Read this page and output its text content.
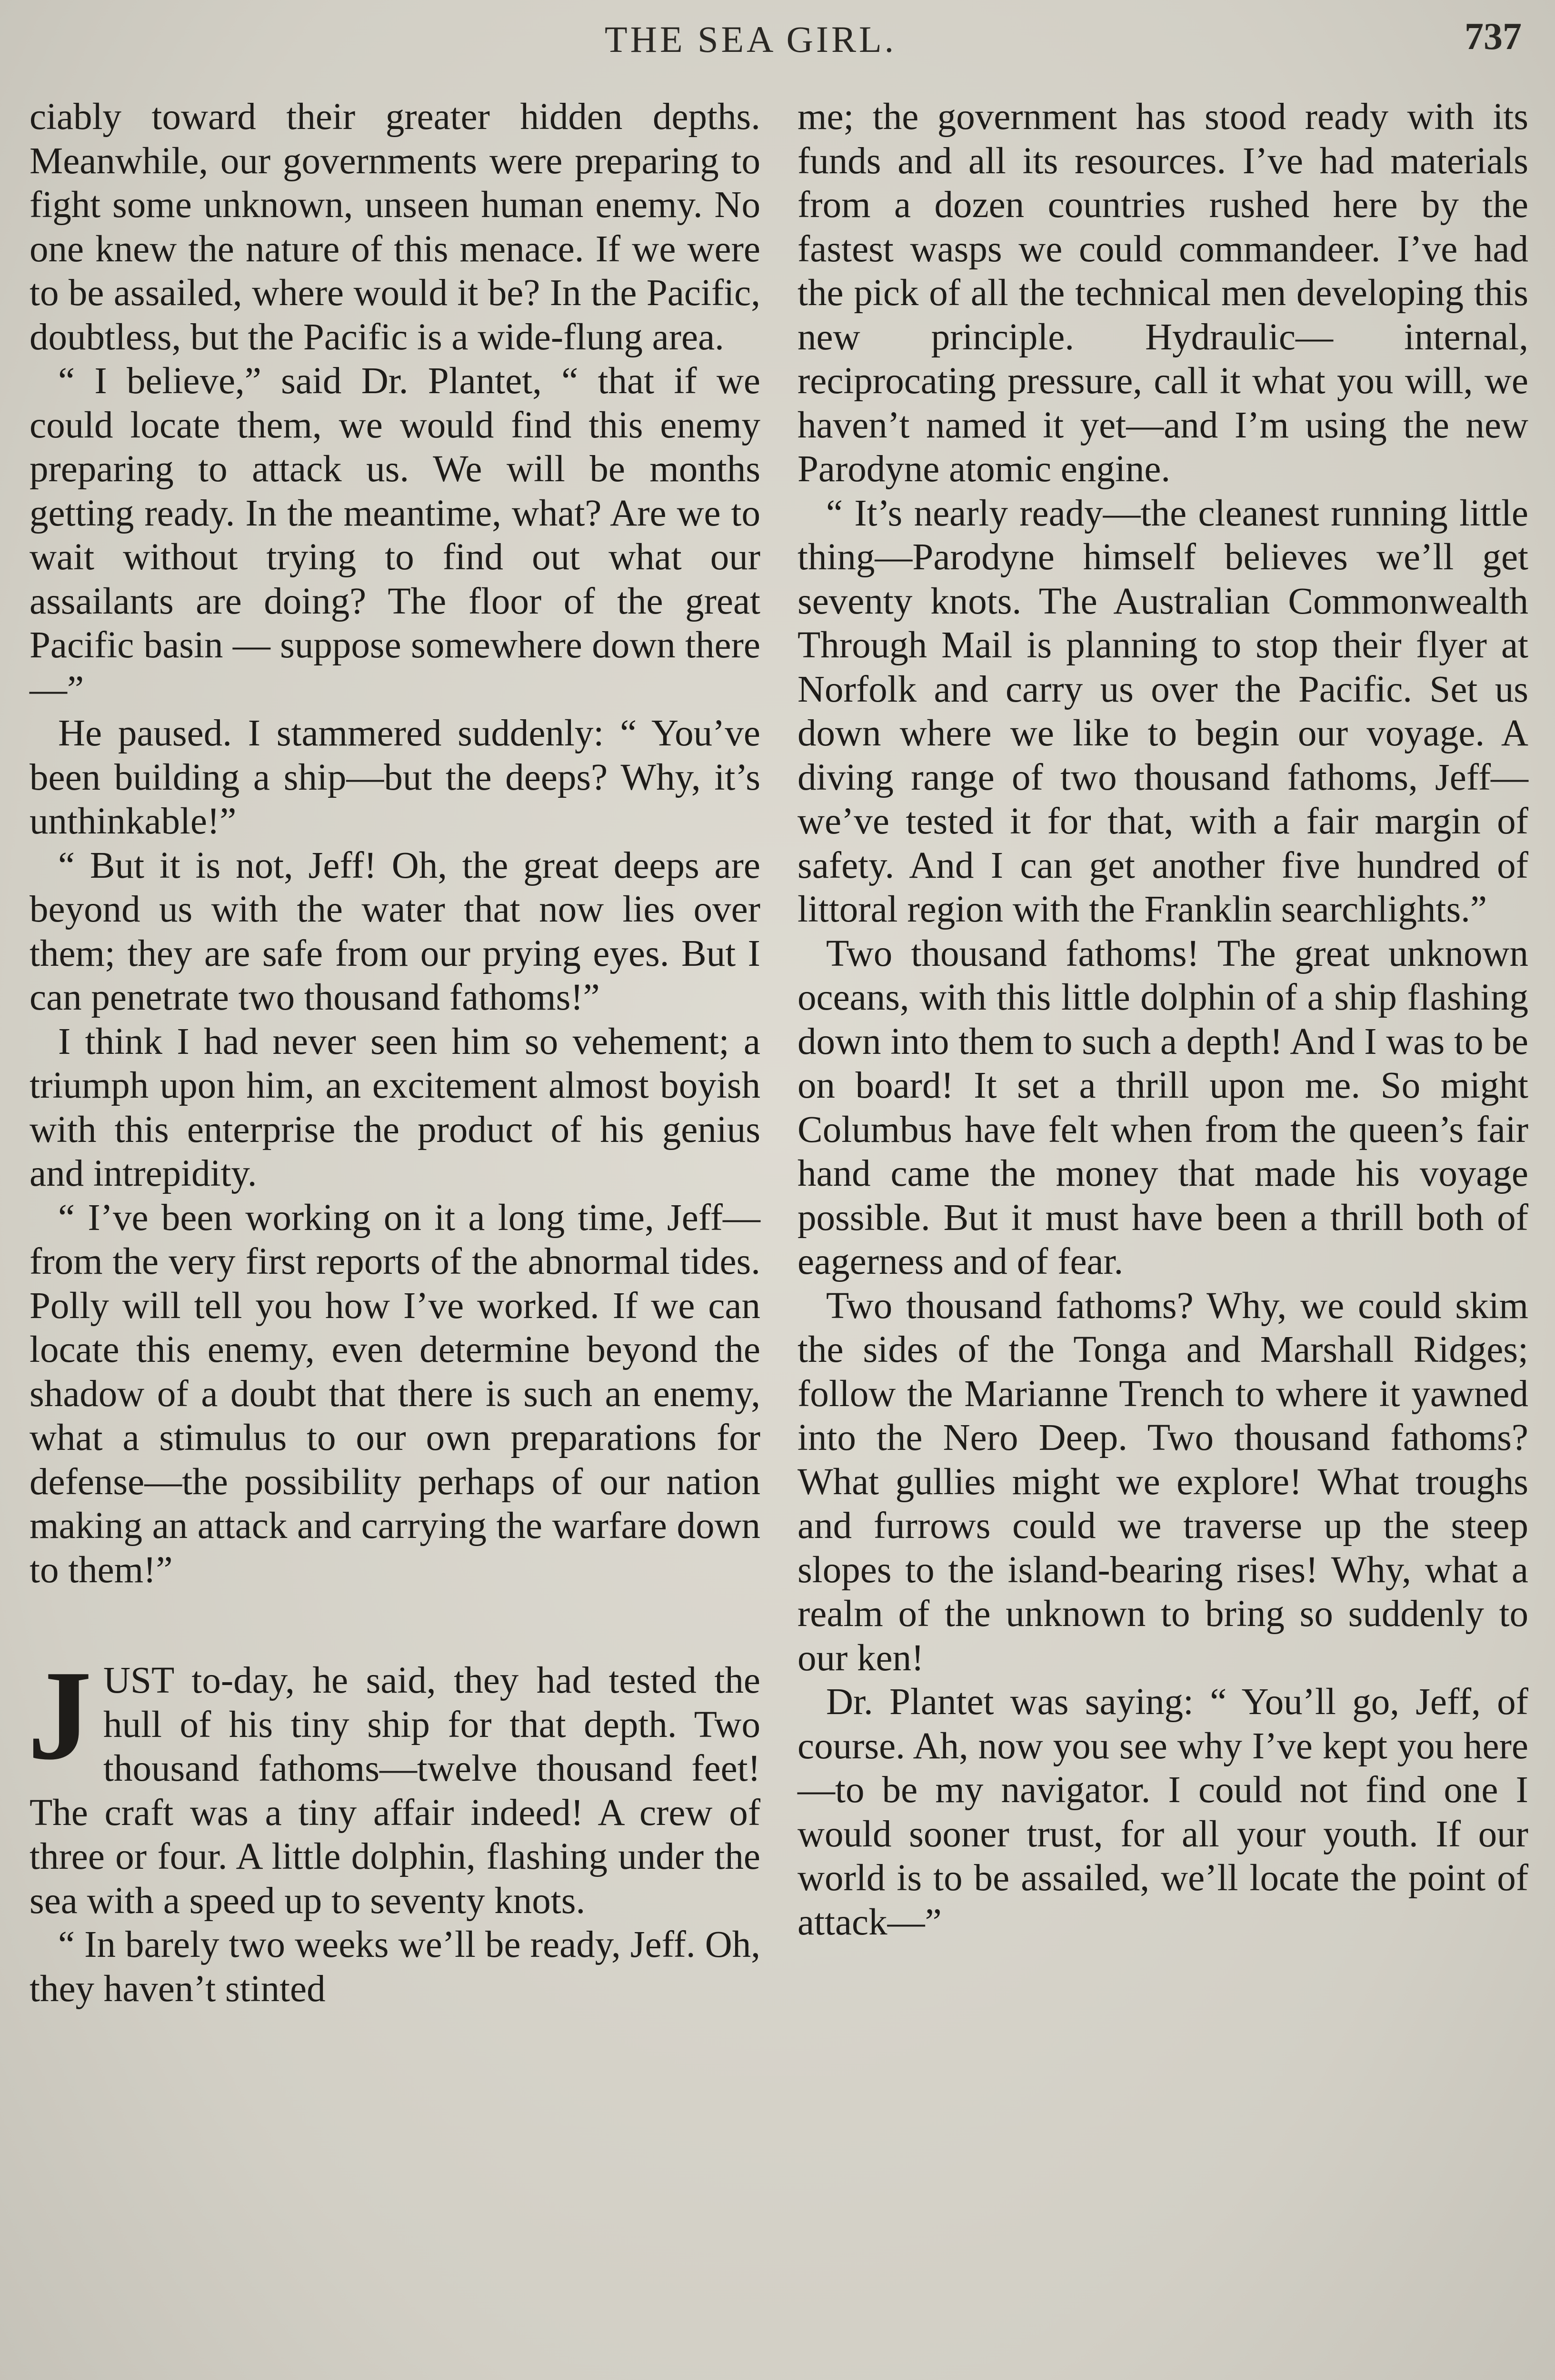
THE SEA GIRL.	737

ciably toward their greater hidden depths. Meanwhile, our governments were preparing to fight some unknown, unseen human enemy. No one knew the nature of this menace. If we were to be assailed, where would it be? In the Pacific, doubtless, but the Pacific is a wide-flung area.

“ I believe,” said Dr. Plantet, “ that if we could locate them, we would find this enemy preparing to attack us. We will be months getting ready. In the meantime, what? Are we to wait without trying to find out what our assailants are doing? The floor of the great Pacific basin — suppose somewhere down there—”

He paused. I stammered suddenly: “ You’ve been building a ship—but the deeps? Why, it’s unthinkable!”

“ But it is not, Jeff! Oh, the great deeps are beyond us with the water that now lies over them; they are safe from our prying eyes. But I can penetrate two thousand fathoms!”

I think I had never seen him so vehement; a triumph upon him, an excitement almost boyish with this enterprise the product of his genius and intrepidity.

“ I’ve been working on it a long time, Jeff—from the very first reports of the abnormal tides. Polly will tell you how I’ve worked. If we can locate this enemy, even determine beyond the shadow of a doubt that there is such an enemy, what a stimulus to our own preparations for defense—the possibility perhaps of our nation making an attack and carrying the warfare down to them!”

J UST to-day, he said, they had tested the hull of his tiny ship for that depth. Two thousand fathoms—twelve thousand feet! The craft was a tiny affair indeed! A crew of three or four. A little dolphin, flashing under the sea with a speed up to seventy knots.

“ In barely two weeks we’ll be ready, Jeff. Oh, they haven’t stinted

me; the government has stood ready with its funds and all its resources. I’ve had materials from a dozen countries rushed here by the fastest wasps we could commandeer. I’ve had the pick of all the technical men developing this new principle. Hydraulic— internal, reciprocating pressure, call it what you will, we haven’t named it yet—and I’m using the new Parodyne atomic engine.

“ It’s nearly ready—the cleanest running little thing—Parodyne himself believes we’ll get seventy knots. The Australian Commonwealth Through Mail is planning to stop their flyer at Norfolk and carry us over the Pacific. Set us down where we like to begin our voyage. A diving range of two thousand fathoms, Jeff—we’ve tested it for that, with a fair margin of safety. And I can get another five hundred of littoral region with the Franklin searchlights.”

Two thousand fathoms! The great unknown oceans, with this little dolphin of a ship flashing down into them to such a depth! And I was to be on board! It set a thrill upon me. So might Columbus have felt when from the queen’s fair hand came the money that made his voyage possible. But it must have been a thrill both of eagerness and of fear.

Two thousand fathoms? Why, we could skim the sides of the Tonga and Marshall Ridges; follow the Marianne Trench to where it yawned into the Nero Deep. Two thousand fathoms? What gullies might we explore! What troughs and furrows could we traverse up the steep slopes to the island-bearing rises! Why, what a realm of the unknown to bring so suddenly to our ken!

Dr. Plantet was saying: “ You’ll go, Jeff, of course. Ah, now you see why I’ve kept you here—to be my navigator. I could not find one I would sooner trust, for all your youth. If our world is to be assailed, we’ll locate the point of attack—”
